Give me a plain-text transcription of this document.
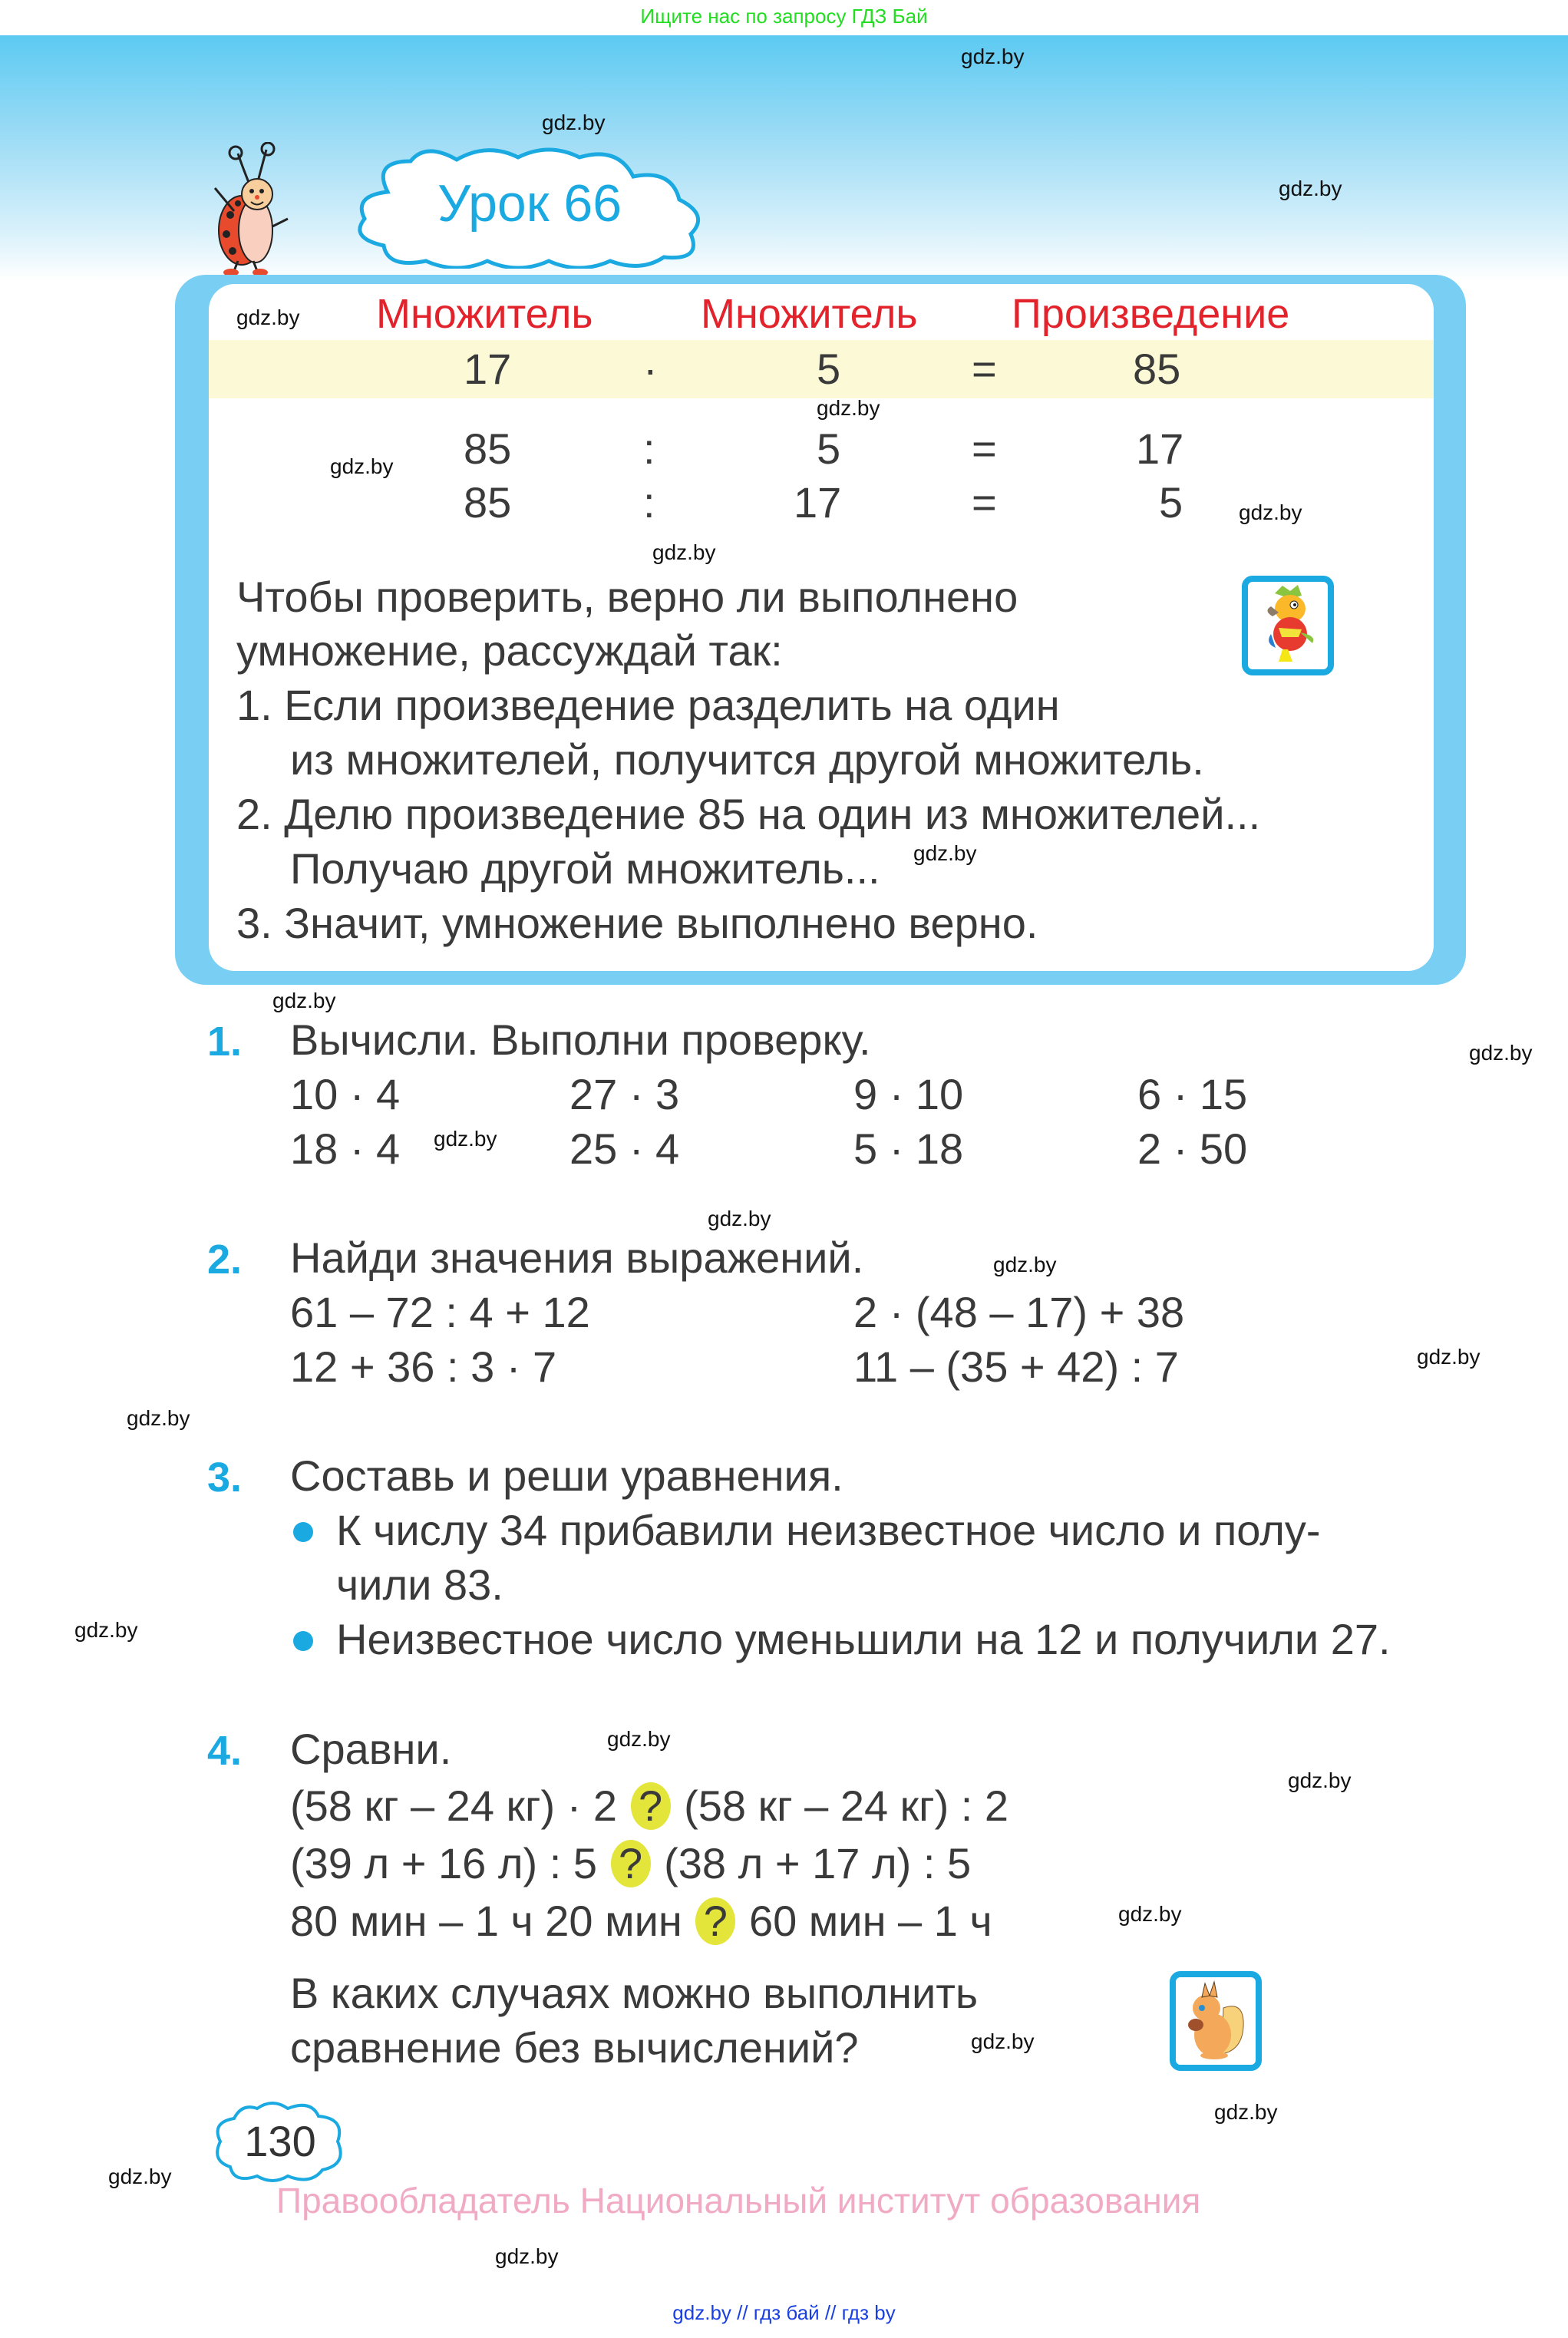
Ищите нас по запросу ГДЗ Бай
Урок 66
Множитель	Множитель Произведение
17	·	5	=	85
85	:	5	=	17
85	:	17	=	5
Чтобы проверить, верно ли выполнено
умножение, рассуждай так:
1. Если произведение разделить на один
из множителей, получится другой множитель.
2. Делю произведение 85 на один из множителей...
Получаю другой множитель...
3. Значит, умножение выполнено верно.
1. Вычисли. Выполни проверку.
10 · 4	27 · 3	9 · 10	6 · 15
18 · 4	25 · 4	5 · 18	2 · 50
2. Найди значения выражений.
61 – 72 : 4 + 12	2 · (48 – 17) + 38
12 + 36 : 3 · 7	11 – (35 + 42) : 7
3. Составь и реши уравнения.
К числу 34 прибавили неизвестное число и полу-
чили 83.
Неизвестное число уменьшили на 12 и получили 27.
4. Сравни.
(58 кг – 24 кг) · 2 ? (58 кг – 24 кг) : 2
(39 л + 16 л) : 5 ? (38 л + 17 л) : 5
80 мин – 1 ч 20 мин ? 60 мин – 1 ч
В каких случаях можно выполнить
сравнение без вычислений?
130
Правообладатель Национальный институт образования
gdz.by // гдз бай // гдз by
gdz.by
gdz.by
gdz.by
gdz.by
gdz.by
gdz.by
gdz.by
gdz.by
gdz.by
gdz.by
gdz.by
gdz.by
gdz.by
gdz.by
gdz.by
gdz.by
gdz.by
gdz.by
gdz.by
gdz.by
gdz.by
gdz.by
gdz.by
gdz.by
